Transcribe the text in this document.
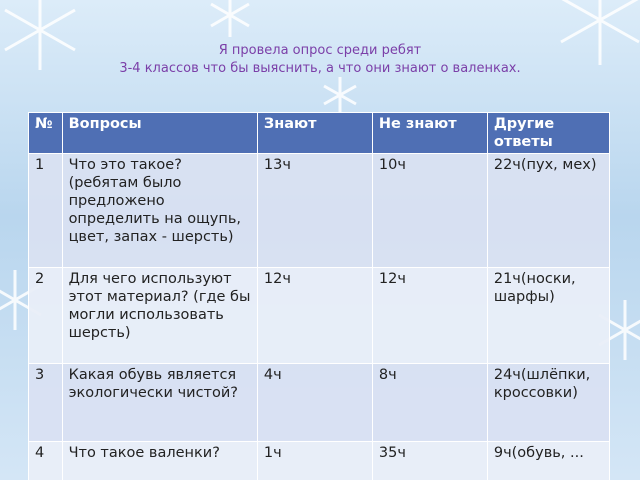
Я провела опрос среди ребят
3-4 классов что бы выяснить, а что они знают о валенках.
№	Вопросы	Знают	Не знают	Другие ответы
1	Что это такое? (ребятам было предложено определить на ощупь, цвет, запах - шерсть)	13ч	10ч	22ч(пух, мех)
2	Для чего используют этот материал? (где бы могли использовать шерсть)	12ч	12ч	21ч(носки, шарфы)
3	Какая обувь является экологически чистой?	4ч	8ч	24ч(шлёпки, кроссовки)
4	Что такое валенки?	1ч	35ч	9ч(обувь, ...
